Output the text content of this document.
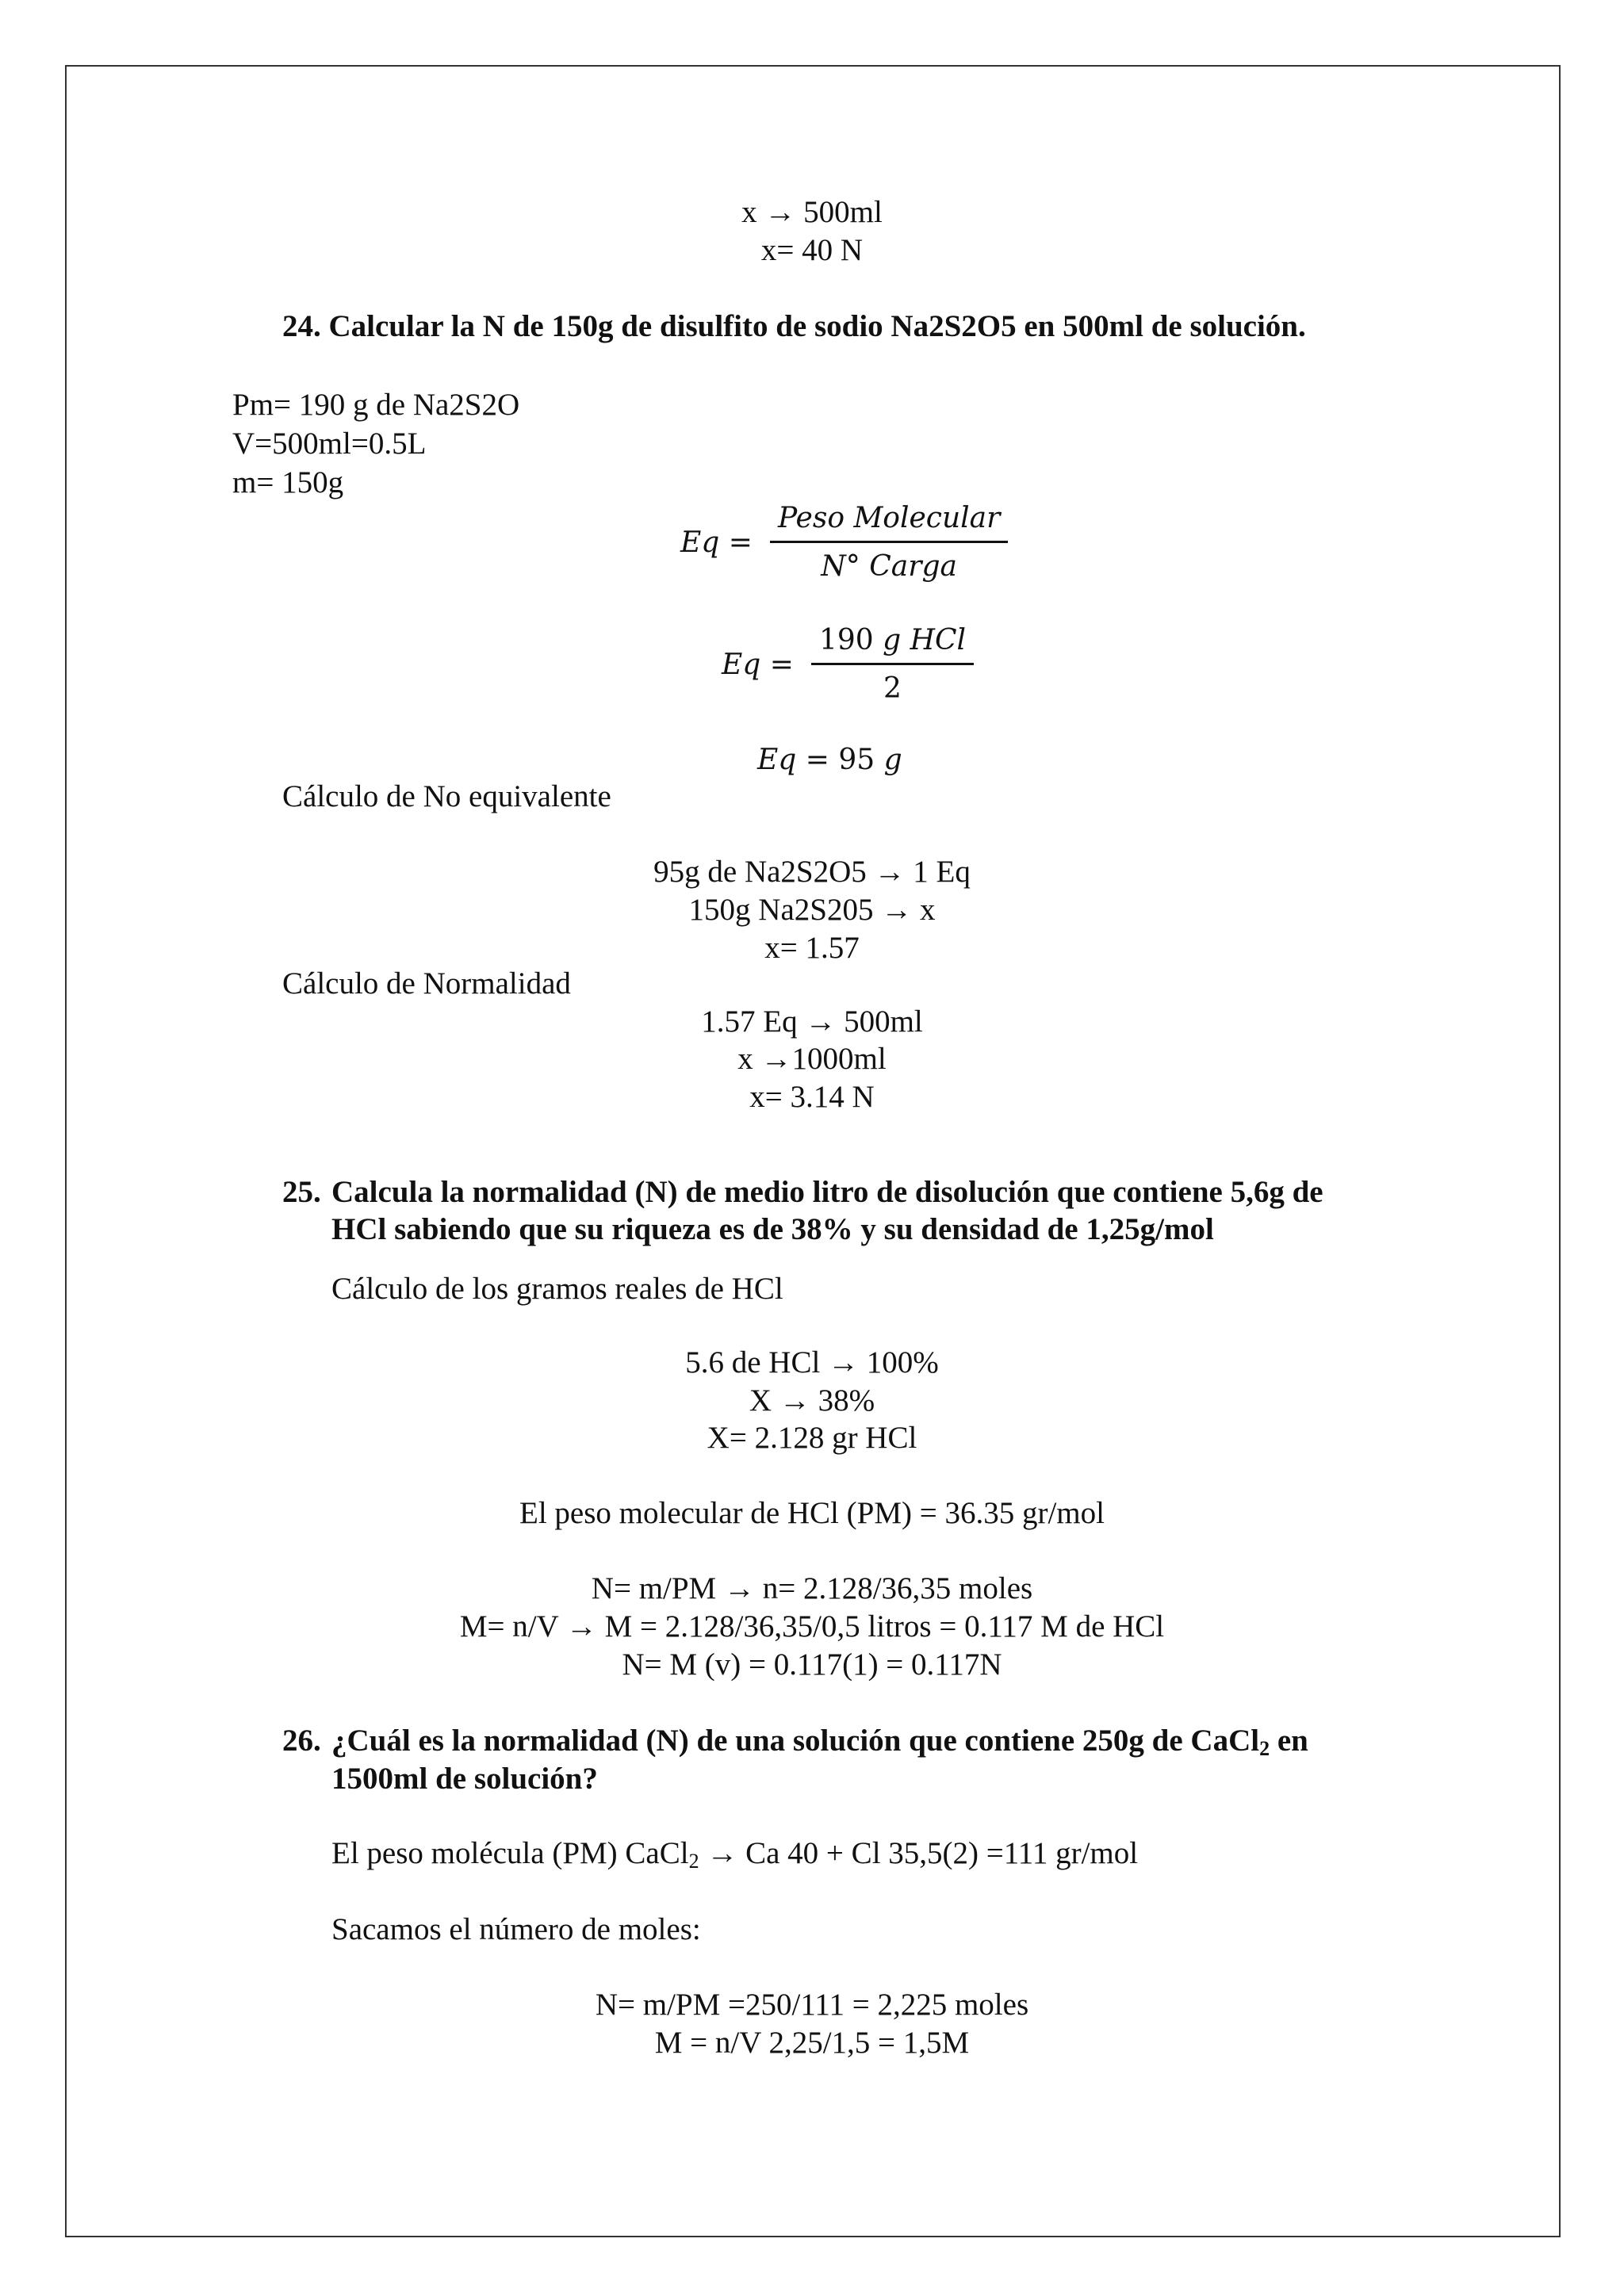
x → 500ml
x= 40 N
24. Calcular la N de 150g de disulfito de sodio Na2S2O5 en 500ml de solución.
Pm= 190 g de Na2S2O
V=500ml=0.5L
m= 150g
$Eq = \frac{\text{Peso Molecular}}{\text{N° Carga}}$
$Eq = \frac{\text{190 g HCl}}{2}$
Eq = 95 g
Cálculo de No equivalente
95g de Na2S2O5 → 1 Eq
150g Na2S205 → x
x= 1.57
Cálculo de Normalidad
1.57 Eq → 500ml
x →1000ml
x= 3.14 N
25. Calcula la normalidad (N) de medio litro de disolución que contiene 5,6g de
HCl sabiendo que su riqueza es de 38% y su densidad de 1,25g/mol
Cálculo de los gramos reales de HCl
5.6 de HCl → 100%
X → 38%
X= 2.128 gr HCl
El peso molecular de HCl (PM) = 36.35 gr/mol
N= m/PM → n= 2.128/36,35 moles
M= n/V → M = 2.128/36,35/0,5 litros = 0.117 M de HCl
N= M (v) = 0.117(1) = 0.117N
26. ¿Cuál es la normalidad (N) de una solución que contiene 250g de CaCl$_2$ en
1500ml de solución?
El peso molécula (PM) CaCl$_2$ → Ca 40 + Cl 35,5(2) =111 gr/mol
Sacamos el número de moles:
N= m/PM =250/111 = 2,225 moles
M = n/V 2,25/1,5 = 1,5M
